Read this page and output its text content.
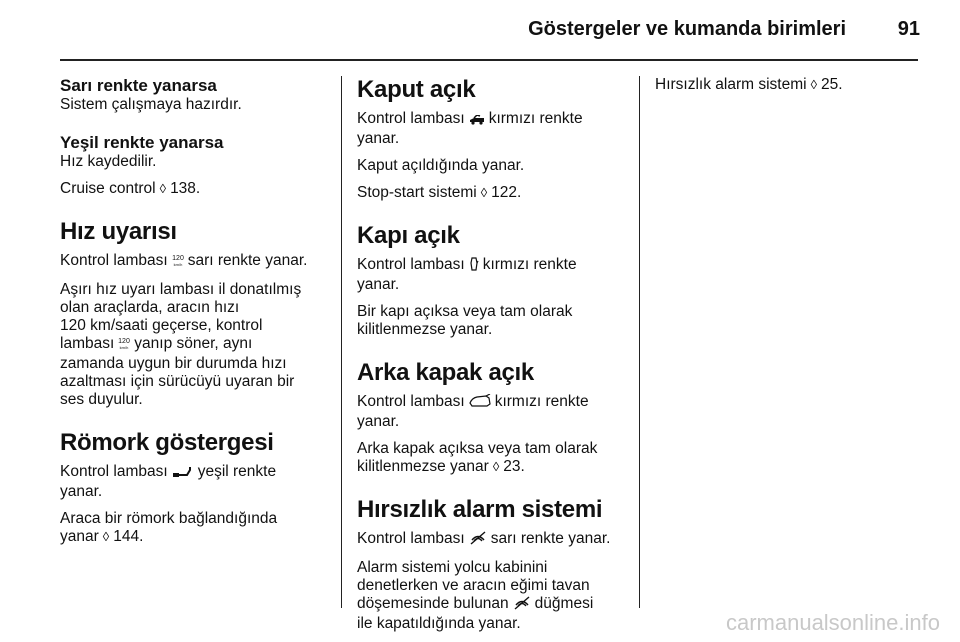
Göstergeler ve kumanda birimleri	91
Sarı renkte yanarsa

Sistem çalışmaya hazırdır.

Yeşil renkte yanarsa

Hız kaydedilir.

Cruise control ◊ 138.

Hız uyarısı

Kontrol lambası 120
km/h sarı renkte yanar.

Aşırı hız uyarı lambası il donatılmış
olan araçlarda, aracın hızı
120 km/saati geçerse, kontrol
lambası 120
km/h yanıp söner, aynı
zamanda uygun bir durumda hızı
azaltması için sürücüyü uyaran bir
ses duyulur.

Römork göstergesi

Kontrol lambası yeşil renkte
yanar.

Araca bir römork bağlandığında
yanar ◊ 144.

Kaput açık

Kontrol lambası kırmızı renkte
yanar.

Kaput açıldığında yanar.

Stop-start sistemi ◊ 122.

Kapı açık

Kontrol lambası kırmızı renkte
yanar.

Bir kapı açıksa veya tam olarak
kilitlenmezse yanar.

Arka kapak açık

Kontrol lambası kırmızı renkte
yanar.

Arka kapak açıksa veya tam olarak
kilitlenmezse yanar ◊ 23.

Hırsızlık alarm sistemi

Kontrol lambası sarı renkte yanar.

Alarm sistemi yolcu kabinini
denetlerken ve aracın eğimi tavan
döşemesinde bulunan düğmesi
ile kapatıldığında yanar.

Hırsızlık alarm sistemi ◊ 25.

carmanualsonline.info
